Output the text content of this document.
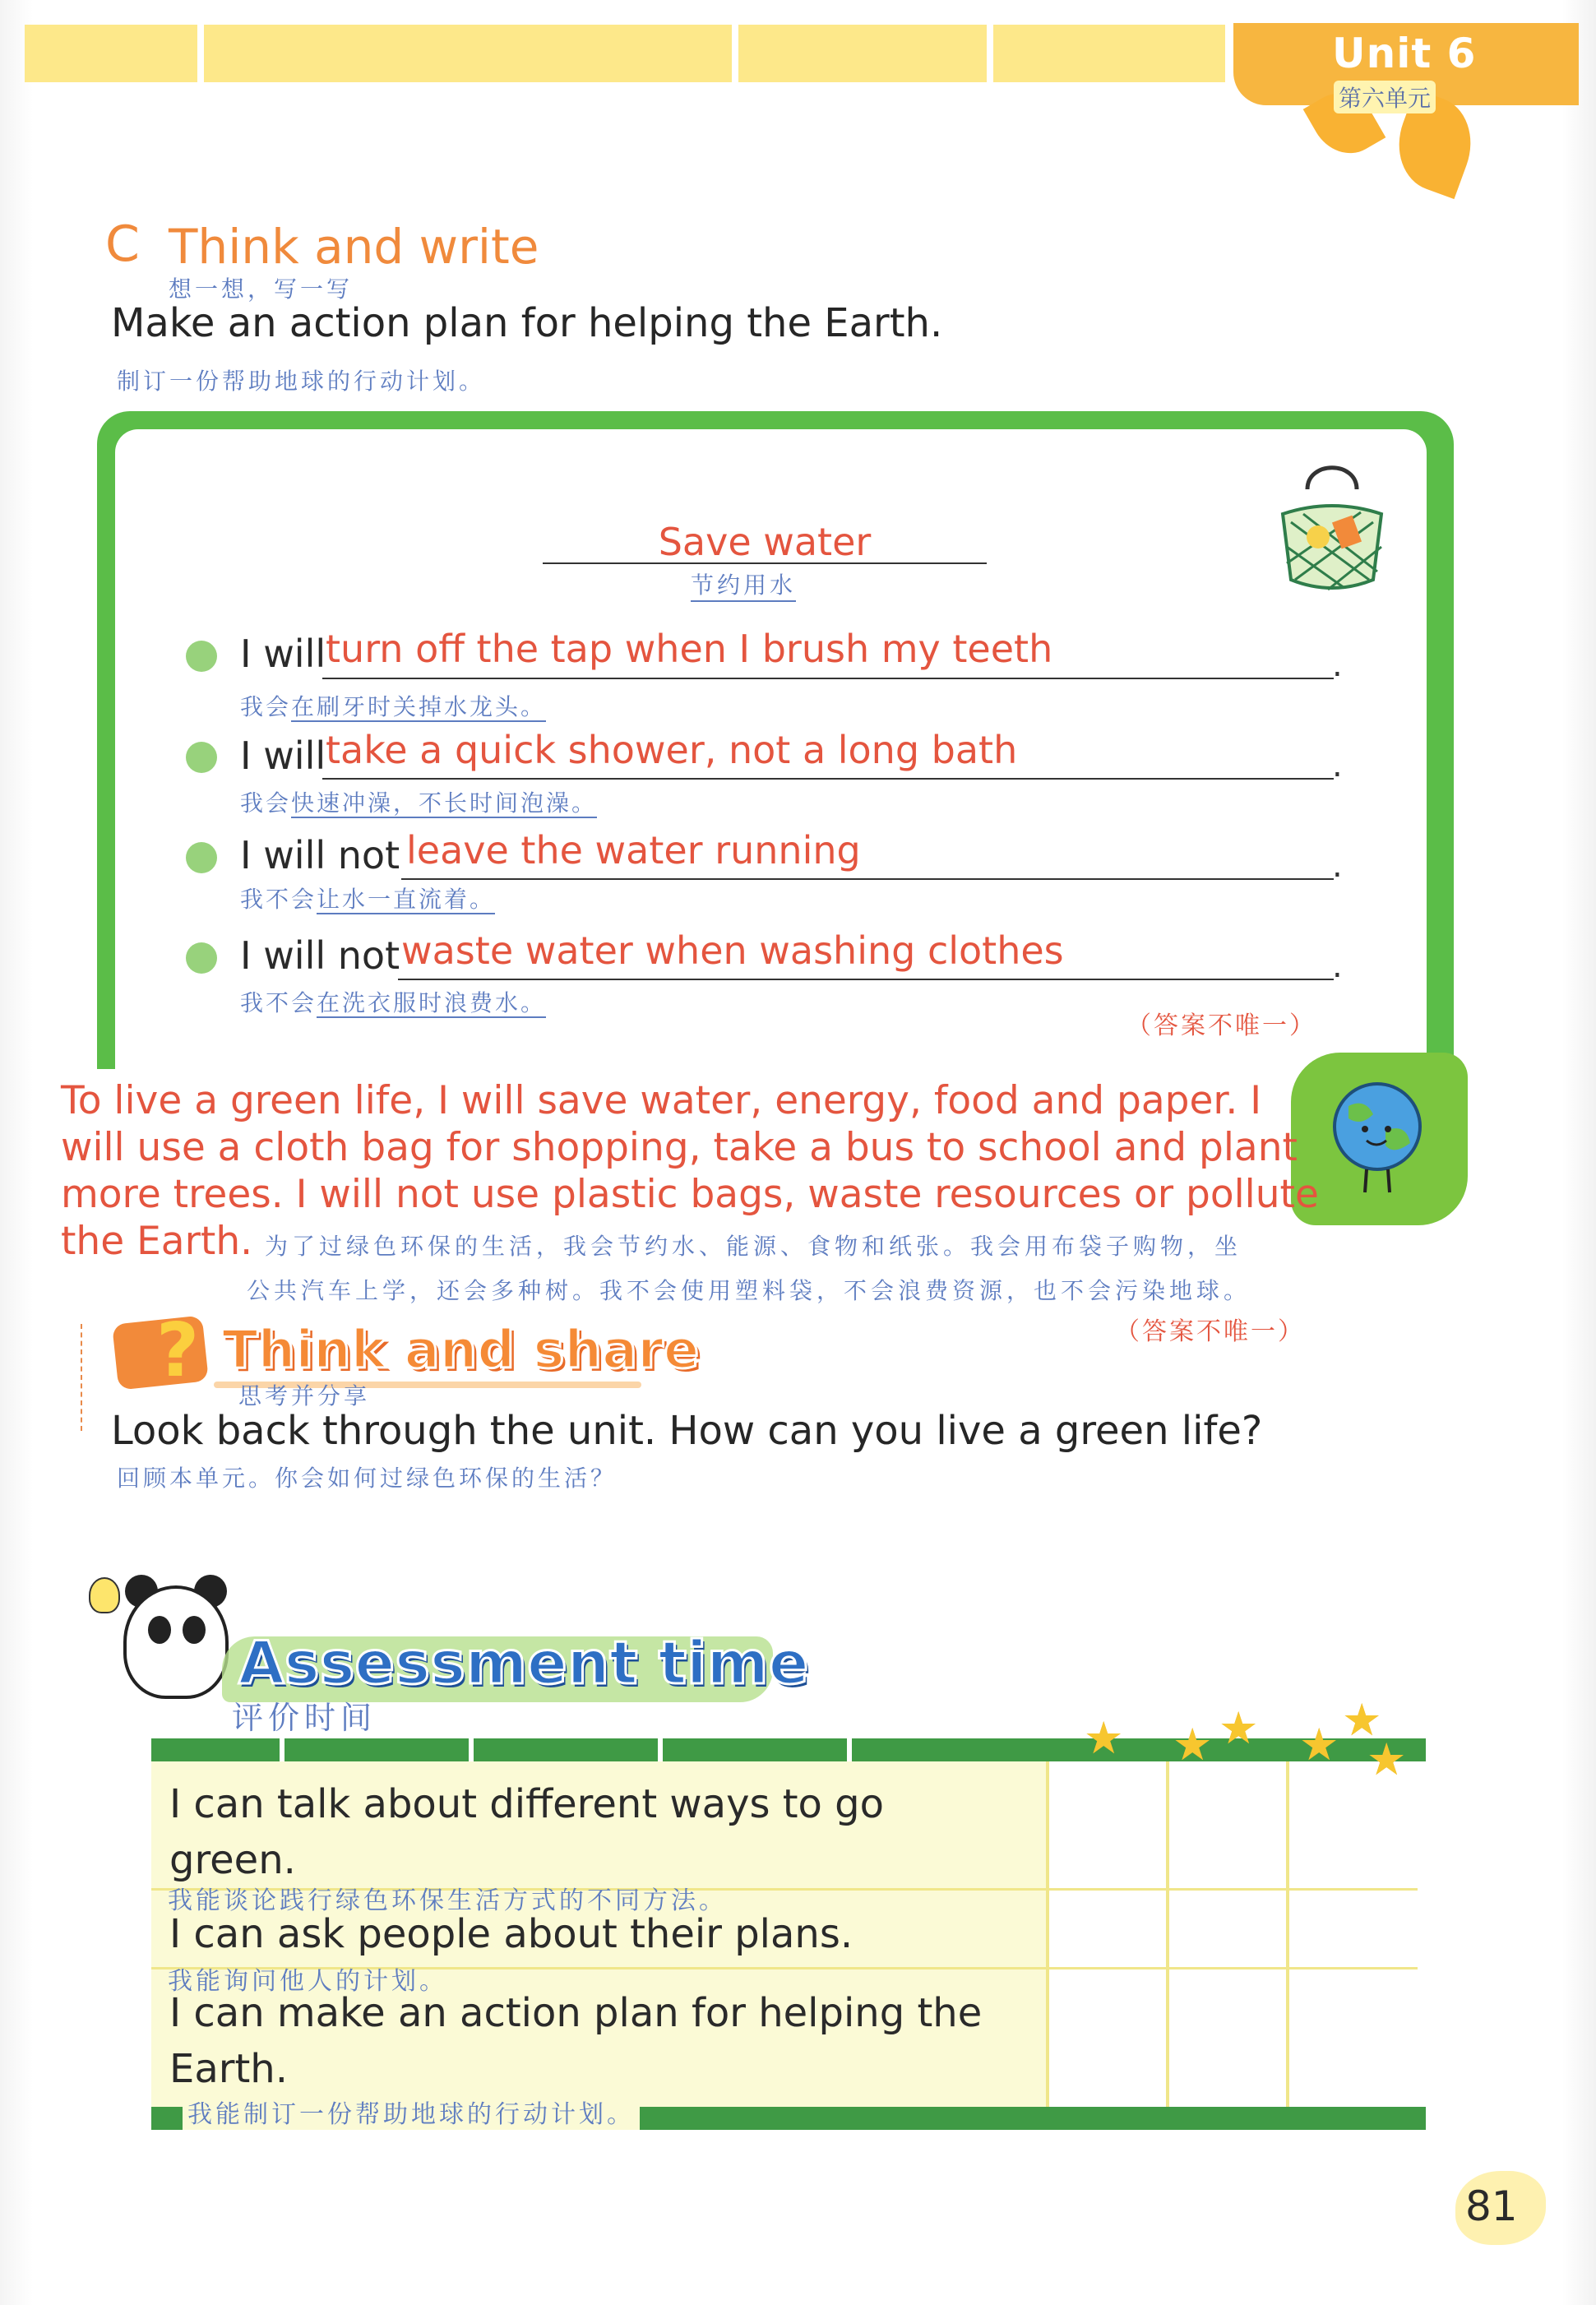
Unit 6
第六单元
C Think and write
想一想，写一写
Make an action plan for helping the Earth.
制订一份帮助地球的行动计划。
Save water
节约用水
I will turn off the tap when I brush my teeth	.
我会在刷牙时关掉水龙头。
I will take a quick shower, not a long bath	.
我会快速冲澡，不长时间泡澡。
I will not leave the water running	.
我不会让水一直流着。
I will not waste water when washing clothes	.
我不会在洗衣服时浪费水。
（答案不唯一）
To live a green life, I will save water, energy, food and paper. I
will use a cloth bag for shopping, take a bus to school and plant
more trees. I will not use plastic bags, waste resources or pollute
the Earth. 为了过绿色环保的生活，我会节约水、能源、食物和纸张。我会用布袋子购物，坐
公共汽车上学，还会多种树。我不会使用塑料袋，不会浪费资源，也不会污染地球。
（答案不唯一）
? Think and share
思考并分享
Look back through the unit. How can you live a green life?
回顾本单元。你会如何过绿色环保的生活？
Assessment time
评价时间	★ ★ ★ ★ ★
★
I can talk about different ways to go
green.
我能谈论践行绿色环保生活方式的不同方法。
I can ask people about their plans.
我能询问他人的计划。
I can make an action plan for helping the
Earth.
我能制订一份帮助地球的行动计划。
81
